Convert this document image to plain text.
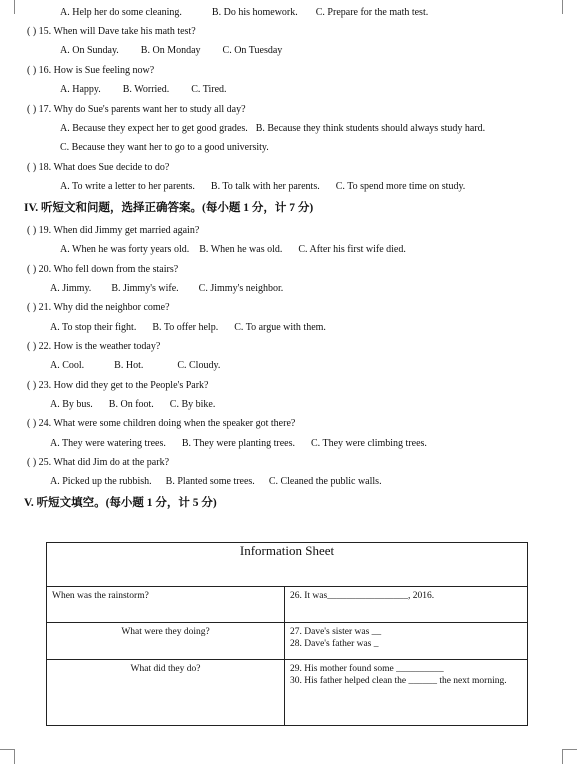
A. Help her do some cleaning.	B. Do his homework. C. Prepare for the math test.
( ) 15. When will Dave take his math test?
A. On Sunday. B. On Monday C. On Tuesday
( ) 16. How is Sue feeling now?
A. Happy. B. Worried. C. Tired.
( ) 17. Why do Sue's parents want her to study all day?
A. Because they expect her to get good grades. B. Because they think students should always study hard.
C. Because they want her to go to a good university.
( ) 18. What does Sue decide to do?
A. To write a letter to her parents. B. To talk with her parents. C. To spend more time on study.
( ) 19. When did Jimmy get married again?
A. When he was forty years old. B. When he was old. C. After his first wife died.
( ) 20. Who fell down from the stairs?
A. Jimmy. B. Jimmy's wife. C. Jimmy's neighbor.
( ) 21. Why did the neighbor come?
A. To stop their fight. B. To offer help. C. To argue with them.
( ) 22. How is the weather today?
A. Cool.	B. Hot.	C. Cloudy.
( ) 23. How did they get to the People's Park?
A. By bus. B. On foot. C. By bike.
( ) 24. What were some children doing when the speaker got there?
A. They were watering trees. B. They were planting trees. C. They were climbing trees.
( ) 25. What did Jim do at the park?
A. Picked up the rubbish. B. Planted some trees. C. Cleaned the public walls.
IV. 听短文和问题，选择正确答案。(每小题 1 分，计 7 分)
V. 听短文填空。(每小题 1 分，计 5 分)
Information Sheet	
When was the rainstorm?	26. It was_________________, 2016.

What were they doing?	27. Dave's sister was __
28. Dave's father was _

What did they do?	29. His mother found some __________
30. His father helped clean the ______ the next morning.
